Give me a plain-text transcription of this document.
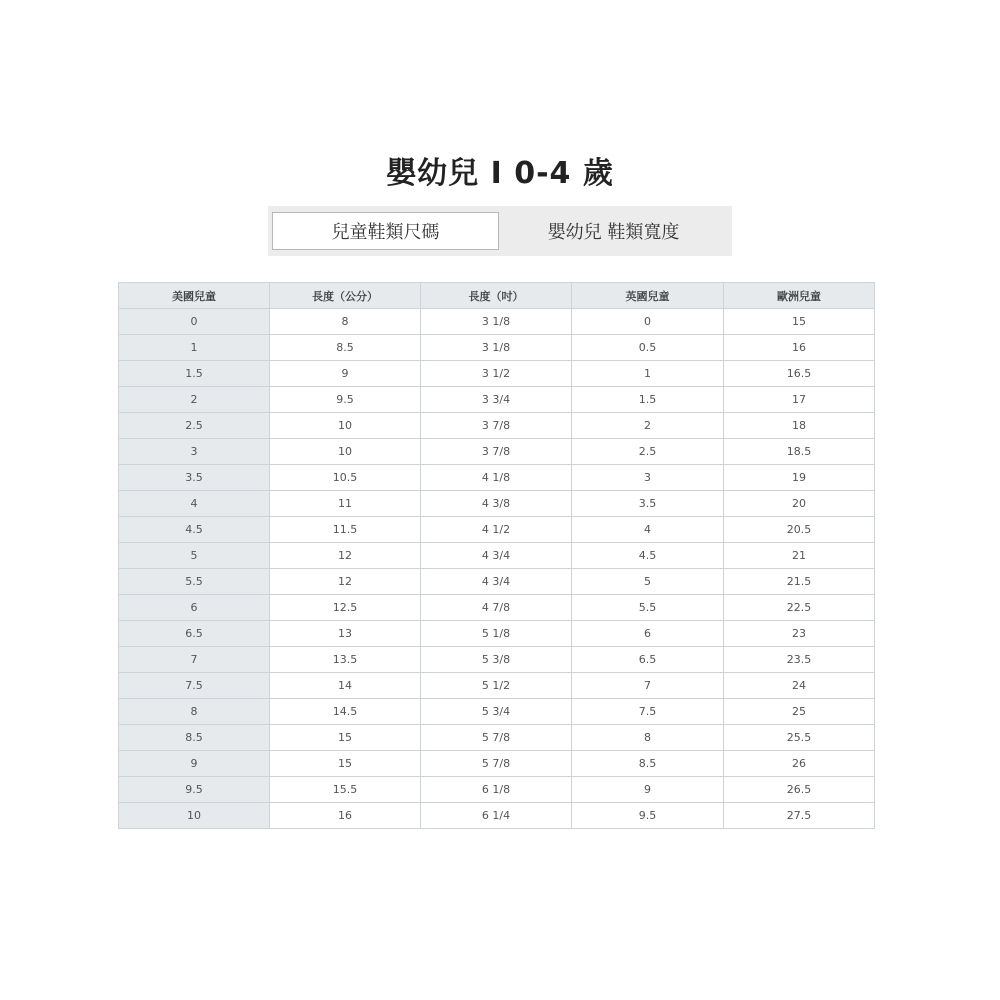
嬰幼兒 I 0-4 歲
兒童鞋類尺碼	嬰幼兒 鞋類寬度
美國兒童	長度（公分）	長度（吋）	英國兒童	歐洲兒童
0	8	3 1/8	0	15
1	8.5	3 1/8	0.5	16
1.5	9	3 1/2	1	16.5
2	9.5	3 3/4	1.5	17
2.5	10	3 7/8	2	18
3	10	3 7/8	2.5	18.5
3.5	10.5	4 1/8	3	19
4	11	4 3/8	3.5	20
4.5	11.5	4 1/2	4	20.5
5	12	4 3/4	4.5	21
5.5	12	4 3/4	5	21.5
6	12.5	4 7/8	5.5	22.5
6.5	13	5 1/8	6	23
7	13.5	5 3/8	6.5	23.5
7.5	14	5 1/2	7	24
8	14.5	5 3/4	7.5	25
8.5	15	5 7/8	8	25.5
9	15	5 7/8	8.5	26
9.5	15.5	6 1/8	9	26.5
10	16	6 1/4	9.5	27.5
